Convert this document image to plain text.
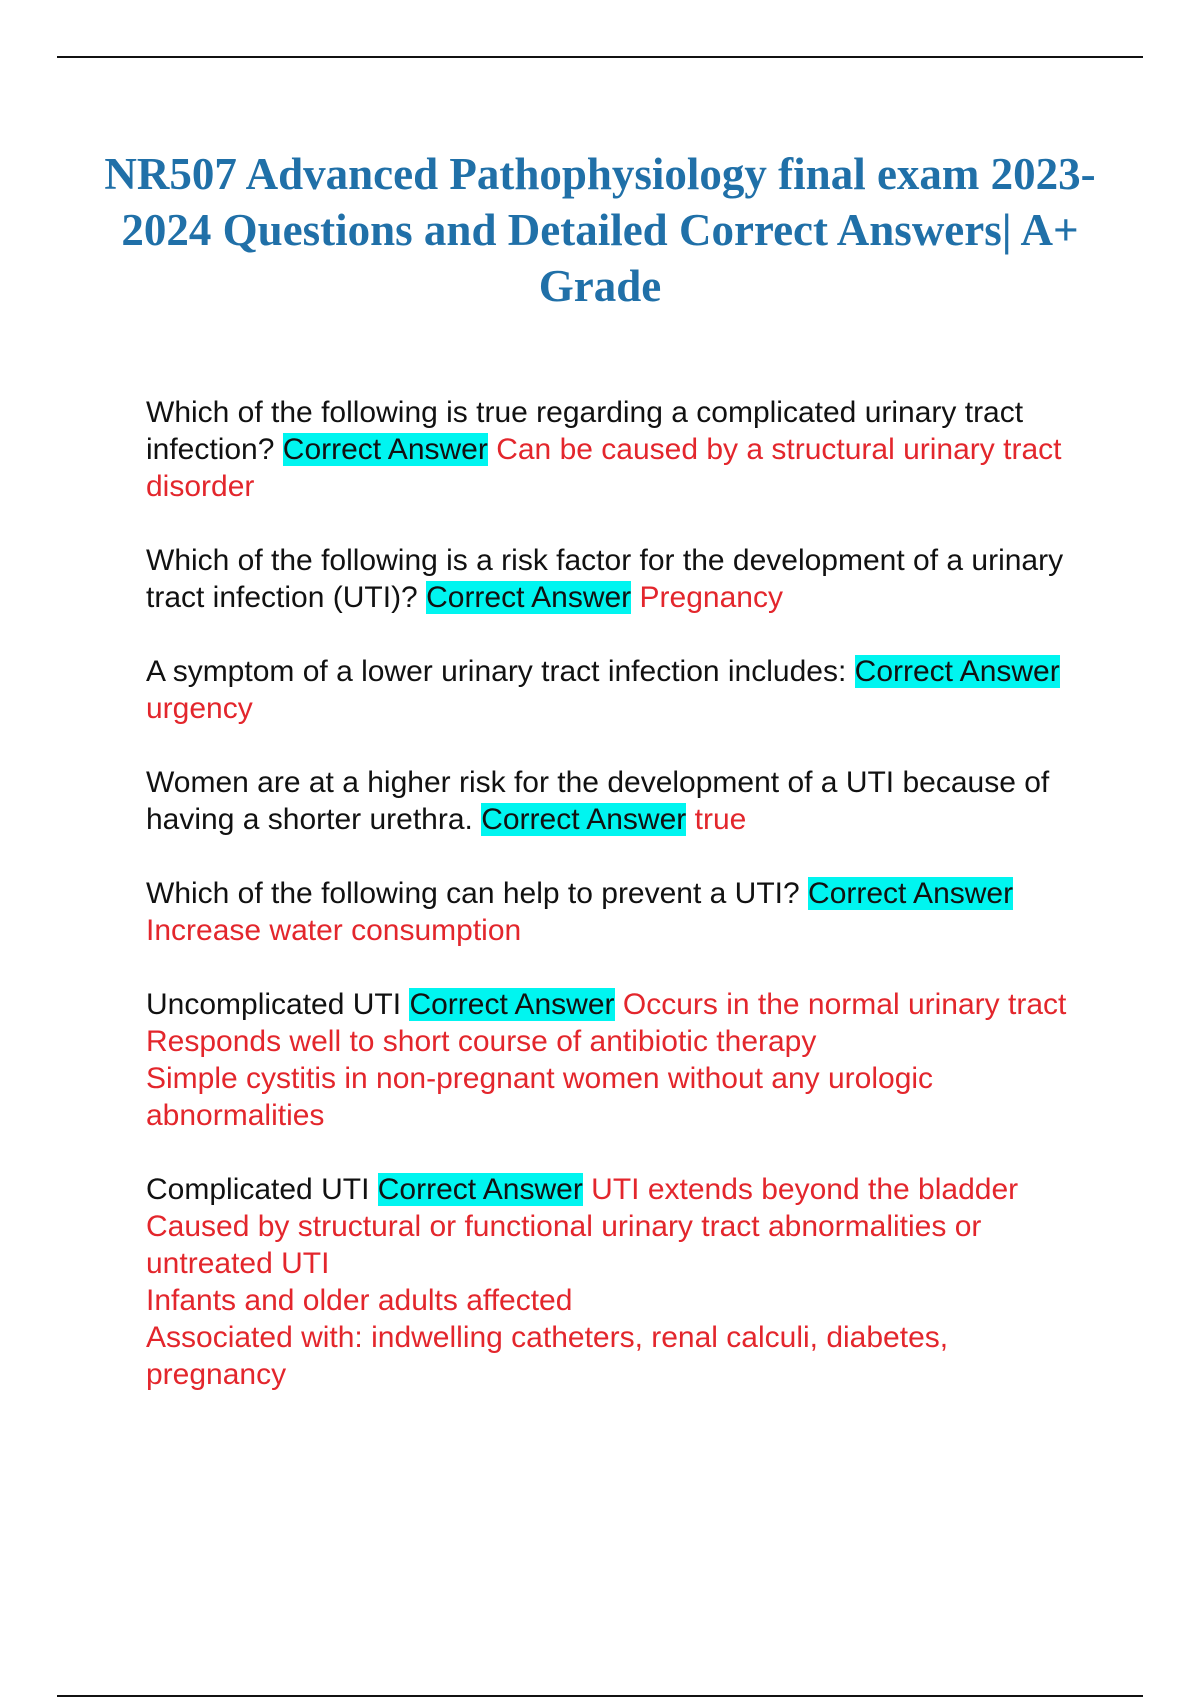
NR507 Advanced Pathophysiology final exam 2023-2024 Questions and Detailed Correct Answers| A+ Grade

Which of the following is true regarding a complicated urinary tract infection? Correct Answer Can be caused by a structural urinary tract disorder

Which of the following is a risk factor for the development of a urinary tract infection (UTI)? Correct Answer Pregnancy

A symptom of a lower urinary tract infection includes: Correct Answer urgency

Women are at a higher risk for the development of a UTI because of having a shorter urethra. Correct Answer true

Which of the following can help to prevent a UTI? Correct Answer Increase water consumption

Uncomplicated UTI Correct Answer Occurs in the normal urinary tract
Responds well to short course of antibiotic therapy
Simple cystitis in non-pregnant women without any urologic abnormalities

Complicated UTI Correct Answer UTI extends beyond the bladder
Caused by structural or functional urinary tract abnormalities or untreated UTI
Infants and older adults affected
Associated with: indwelling catheters, renal calculi, diabetes, pregnancy
